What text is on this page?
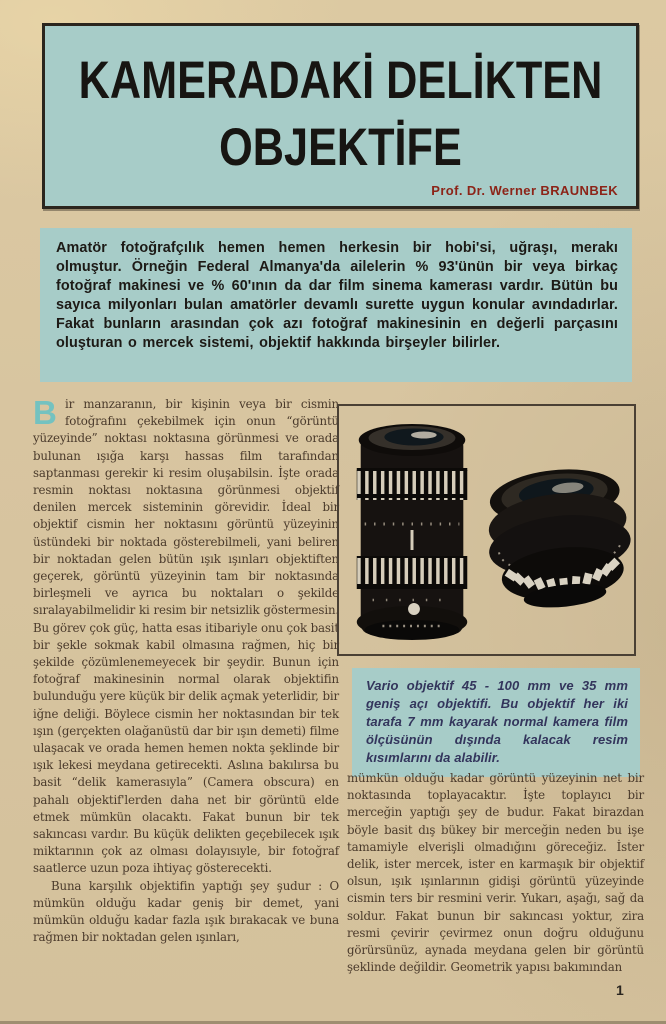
KAMERADAKİ DELİKTEN
OBJEKTİFE
Prof. Dr. Werner BRAUNBEK
Amatör fotoğrafçılık hemen hemen herkesin bir hobi'si, uğraşı, merakı olmuştur. Örneğin Federal Almanya'da ailelerin % 93'ünün bir veya birkaç fotoğraf makinesi ve % 60'ının da dar film sinema kamerası vardır. Bütün bu sayıca milyonları bulan amatörler devamlı surette uygun konular avındadırlar. Fakat bunların arasından çok azı fotoğraf makinesinin en değerli parçasını oluşturan o mercek sistemi, objektif hakkında birşeyler bilirler.

Bir manzaranın, bir kişinin veya bir cismin fotoğrafını çekebilmek için onun “görüntü yüzeyinde” noktası noktasına görünmesi ve orada bulunan ışığa karşı hassas film tarafından saptanması gerekir ki resim oluşabilsin. İşte orada resmin noktası noktasına görünmesi objektif denilen mercek sisteminin görevidir. İdeal bir objektif cismin her noktasını görüntü yüzeyinin üstündeki bir noktada gösterebilmeli, yani beliren bir noktadan gelen bütün ışık ışınları objektiften geçerek, görüntü yüzeyinin tam bir noktasında birleşmeli ve ayrıca bu noktaları o şekilde sıralayabilmelidir ki resim bir netsizlik göstermesin. Bu görev çok güç, hatta esas itibariyle onu çok basit bir şekle sokmak kabil olmasına rağmen, hiç bir şekilde çözümlenemeyecek bir şeydir. Bunun için fotoğraf makinesinin normal olarak objektifin bulunduğu yere küçük bir delik açmak yeterlidir, bir iğne deliği. Böylece cismin her noktasından bir tek ışın (gerçekten olağanüstü dar bir ışın demeti) filme ulaşacak ve orada hemen hemen nokta şeklinde bir ışık lekesi meydana getirecekti. Aslına bakılırsa bu basit “delik kamerasıyla” (Camera obscura) en pahalı objektif'lerden daha net bir görüntü elde etmek mümkün olacaktı. Fakat bunun bir tek sakıncası vardır. Bu küçük delikten geçebilecek ışık miktarının çok az olması dolayısıyle, bir fotoğraf saatlerce uzun poza ihtiyaç gösterecekti.

Buna karşılık objektifin yaptığı şey şudur : O mümkün olduğu kadar geniş bir demet, yani mümkün olduğu kadar fazla ışık bırakacak ve buna rağmen bir noktadan gelen ışınları,

Vario objektif 45 - 100 mm ve 35 mm geniş açı objektifi. Bu objektif her iki tarafa 7 mm kayarak normal kamera film ölçüsünün dışında kalacak resim kısımlarını da alabilir.

mümkün olduğu kadar görüntü yüzeyinin net bir noktasında toplayacaktır. İşte toplayıcı bir merceğin yaptığı şey de budur. Fakat birazdan böyle basit dış bükey bir merceğin neden bu işe tamamiyle elverişli olmadığını göreceğiz. İster delik, ister mercek, ister en karmaşık bir objektif olsun, ışık ışınlarının gidişi görüntü yüzeyinde cismin ters bir resmini verir. Yukarı, aşağı, sağ da soldur. Fakat bunun bir sakıncası yoktur, zira resmi çevirir çevirmez onun doğru olduğunu görürsünüz, aynada meydana gelen bir görüntü şeklinde değildir. Geometrik yapısı bakımından

1
